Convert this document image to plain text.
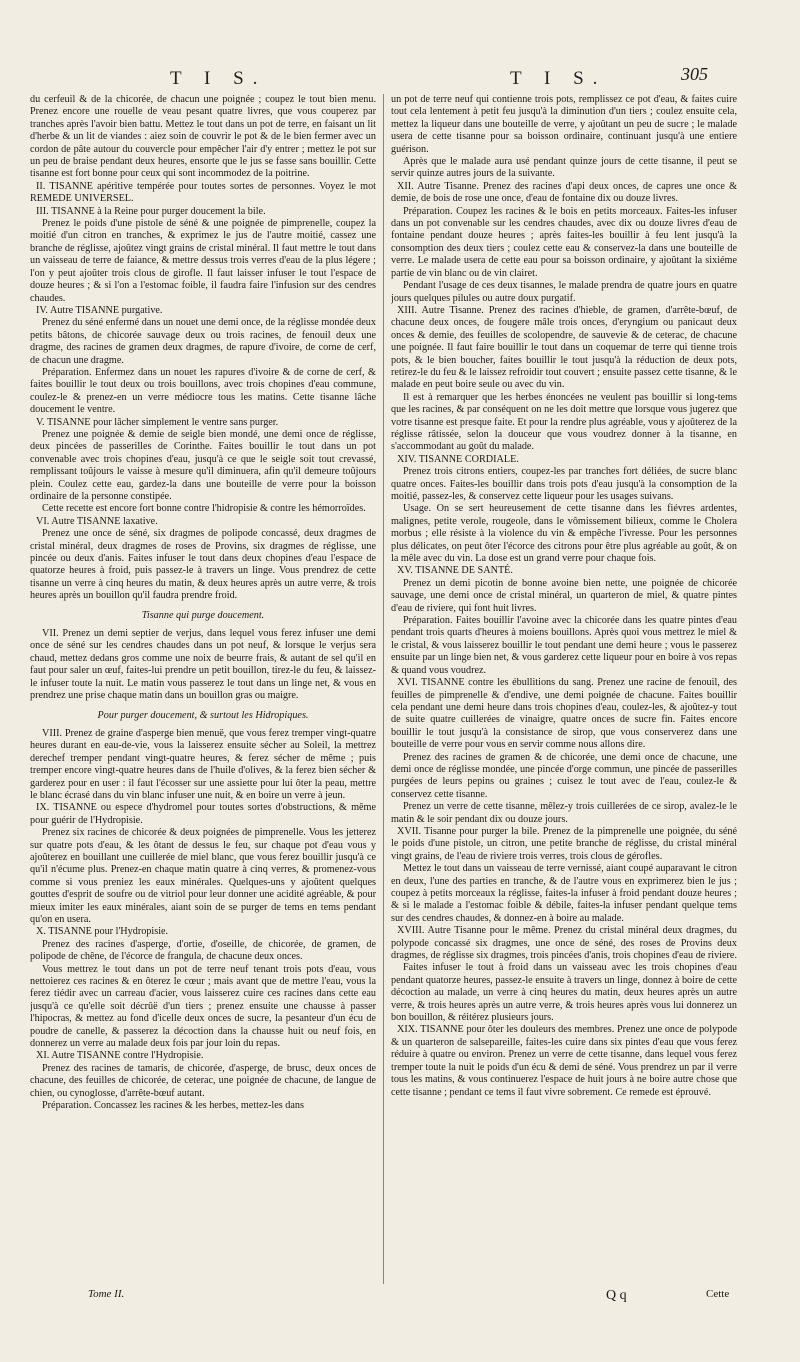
T I S.	T I S.	305

du cerfeuil & de la chicorée, de chacun une poignée ; coupez le tout bien menu. Prenez encore une rouelle de veau pesant quatre livres, que vous couperez par tranches après l'avoir bien battu. Mettez le tout dans un pot de terre, en faisant un lit d'herbe & un lit de viandes : aiez soin de couvrir le pot & de le bien fermer avec un cordon de pâte autour du couvercle pour empêcher l'air d'y entrer ; mettez le pot sur un peu de braise pendant deux heures, ensorte que le jus se fasse sans bouillir. Cette tisanne est fort bonne pour ceux qui sont incommodez de la poitrine.

II. TISANNE apéritive tempérée pour toutes sortes de personnes. Voyez le mot REMEDE UNIVERSEL.

III. TISANNE à la Reine pour purger doucement la bile.

Prenez le poids d'une pistole de séné & une poignée de pimprenelle, coupez la moitié d'un citron en tranches, & exprimez le jus de l'autre moitié, cassez une branche de réglisse, ajoûtez vingt grains de cristal minéral. Il faut mettre le tout dans un vaisseau de terre de faiance, & mettre dessus trois verres d'eau de la plus légere ; l'on y peut ajoûter trois clous de girofle. Il faut laisser infuser le tout l'espace de douze heures ; & si l'on a l'estomac foible, il faudra faire l'infusion sur des cendres chaudes.

IV. Autre TISANNE purgative.

Prenez du séné enfermé dans un nouet une demi once, de la réglisse mondée deux petits bâtons, de chicorée sauvage deux ou trois racines, de fenouil deux une dragme, des racines de gramen deux dragmes, de rapure d'ivoire, de corne de cerf, de chacun une dragme.

Préparation. Enfermez dans un nouet les rapures d'ivoire & de corne de cerf, & faites bouillir le tout deux ou trois bouillons, avec trois chopines d'eau commune, coulez-le & prenez-en un verre médiocre tous les matins. Cette tisanne lâche doucement le ventre.

V. TISANNE pour lâcher simplement le ventre sans purger.

Prenez une poignée & demie de seigle bien mondé, une demi once de réglisse, deux pincées de passerilles de Corinthe. Faites bouillir le tout dans un pot convenable avec trois chopines d'eau, jusqu'à ce que le seigle soit tout crevassé, remplissant toûjours le vaisse à mesure qu'il diminuera, afin qu'il demeure toûjours plein. Coulez cette eau, gardez-la dans une bouteille de verre pour la boisson ordinaire de la personne constipée.

Cette recette est encore fort bonne contre l'hidropisie & contre les hémorroïdes.

VI. Autre TISANNE laxative.

Prenez une once de séné, six dragmes de polipode concassé, deux dragmes de cristal minéral, deux dragmes de roses de Provins, six dragmes de réglisse, une pincée ou deux d'anis. Faites infuser le tout dans deux chopines d'eau l'espace de quatorze heures à froid, puis passez-le à travers un linge. Vous prendrez de cette tisanne un verre à cinq heures du matin, & deux heures après un autre verre, & trois heures après un bouillon qu'il faudra prendre froid.

Tisanne qui purge doucement.

VII. Prenez un demi septier de verjus, dans lequel vous ferez infuser une demi once de séné sur les cendres chaudes dans un pot neuf, & lorsque le verjus sera chaud, mettez dedans gros comme une noix de beurre frais, & autant de sel qu'il en faut pour saler un œuf, faites-lui prendre un petit bouillon, tirez-le du feu, & laissez-le infuser toute la nuit. Le matin vous passerez le tout dans un linge net, & vous en prendrez une prise chaque matin dans un bouillon gras ou maigre.

Pour purger doucement, & surtout les Hidropiques.

VIII. Prenez de graine d'asperge bien menuë, que vous ferez tremper vingt-quatre heures durant en eau-de-vie, vous la laisserez ensuite sécher au Soleil, la mettrez derechef tremper pendant vingt-quatre heures, & ferez sécher de même ; puis tremper encore vingt-quatre heures dans de l'huile d'olives, & la ferez bien sécher & garderez pour en user : il faut l'écosser sur une assiette pour lui ôter la peau, mettre le blanc écrasé dans du vin blanc infuser une nuit, & en boire un verre à jeun.

IX. TISANNE ou espece d'hydromel pour toutes sortes d'obstructions, & même pour guérir de l'Hydropisie.

Prenez six racines de chicorée & deux poignées de pimprenelle. Vous les jetterez sur quatre pots d'eau, & les ôtant de dessus le feu, sur chaque pot d'eau vous y ajoûterez en bouillant une cuillerée de miel blanc, que vous ferez bouillir jusqu'à ce qu'il n'écume plus. Prenez-en chaque matin quatre à cinq verres, & promenez-vous comme si vous preniez les eaux minérales. Quelques-uns y ajoûtent quelques gouttes d'esprit de soufre ou de vitriol pour leur donner une acidité agréable, & pour mieux imiter les eaux minérales, aiant soin de se purger de tems en tems pendant qu'on en usera.

X. TISANNE pour l'Hydropisie.

Prenez des racines d'asperge, d'ortie, d'oseille, de chicorée, de gramen, de polipode de chêne, de l'écorce de frangula, de chacune deux onces.

Vous mettrez le tout dans un pot de terre neuf tenant trois pots d'eau, vous nettoierez ces racines & en ôterez le cœur ; mais avant que de mettre l'eau, vous la ferez tiédir avec un carreau d'acier, vous laisserez cuire ces racines dans cette eau jusqu'à ce qu'elle soit décrûë d'un tiers ; prenez ensuite une chausse à passer l'hipocras, & mettez au fond d'icelle deux onces de sucre, la pesanteur d'un écu de poudre de canelle, & passerez la décoction dans la chausse huit ou neuf fois, en donnerez un verre au malade deux fois par jour loin du repas.

XI. Autre TISANNE contre l'Hydropisie.

Prenez des racines de tamaris, de chicorée, d'asperge, de brusc, deux onces de chacune, des feuilles de chicorée, de ceterac, une poignée de chacune, de langue de chien, ou cynoglosse, d'arrête-bœuf autant.

Préparation. Concassez les racines & les herbes, mettez-les dans

un pot de terre neuf qui contienne trois pots, remplissez ce pot d'eau, & faites cuire tout cela lentement à petit feu jusqu'à la diminution d'un tiers ; coulez ensuite cela, mettez la liqueur dans une bouteille de verre, y ajoûtant un peu de sucre ; le malade usera de cette tisanne pour sa boisson ordinaire, continuant jusqu'à une entiere guérison.

Après que le malade aura usé pendant quinze jours de cette tisanne, il peut se servir quinze autres jours de la suivante.

XII. Autre Tisanne. Prenez des racines d'api deux onces, de capres une once & demie, de bois de rose une once, d'eau de fontaine dix ou douze livres.

Préparation. Coupez les racines & le bois en petits morceaux. Faites-les infuser dans un pot convenable sur les cendres chaudes, avec dix ou douze livres d'eau de fontaine pendant douze heures ; après faites-les bouillir à feu lent jusqu'à la consomption des deux tiers ; coulez cette eau & conservez-la dans une bouteille de verre. Le malade usera de cette eau pour sa boisson ordinaire, y ajoûtant la sixiéme partie de vin blanc ou de vin clairet.

Pendant l'usage de ces deux tisannes, le malade prendra de quatre jours en quatre jours quelques pilules ou autre doux purgatif.

XIII. Autre Tisanne. Prenez des racines d'hieble, de gramen, d'arrête-bœuf, de chacune deux onces, de fougere mâle trois onces, d'eryngium ou panicaut deux onces & demie, des feuilles de scolopendre, de sauvevie & de ceterac, de chacune une poignée. Il faut faire bouillir le tout dans un coquemar de terre qui tienne trois pots, & le bien boucher, faites bouillir le tout jusqu'à la réduction de deux pots, retirez-le du feu & le laissez refroidir tout couvert ; ensuite passez cette tisanne, & le malade en peut boire seule ou avec du vin.

Il est à remarquer que les herbes énoncées ne veulent pas bouillir si long-tems que les racines, & par conséquent on ne les doit mettre que lorsque vous jugerez que votre tisanne est presque faite. Et pour la rendre plus agréable, vous y ajoûterez de la réglisse râtissée, selon la douceur que vous voudrez donner à la tisanne, en s'accommodant au goût du malade.

XIV. TISANNE CORDIALE.

Prenez trois citrons entiers, coupez-les par tranches fort déliées, de sucre blanc quatre onces. Faites-les bouillir dans trois pots d'eau jusqu'à la consomption de la moitié, passez-les, & conservez cette liqueur pour les usages suivans.

Usage. On se sert heureusement de cette tisanne dans les fiévres ardentes, malignes, petite verole, rougeole, dans le vômissement bilieux, comme le Cholera morbus ; elle résiste à la violence du vin & empêche l'ivresse. Pour les personnes plus délicates, on peut ôter l'écorce des citrons pour être plus agréable au goût, & on la mêle avec du vin. La dose est un grand verre pour chaque fois.

XV. TISANNE DE SANTÉ.

Prenez un demi picotin de bonne avoine bien nette, une poignée de chicorée sauvage, une demi once de cristal minéral, un quarteron de miel, & quatre pintes d'eau de riviere, qui font huit livres.

Préparation. Faites bouillir l'avoine avec la chicorée dans les quatre pintes d'eau pendant trois quarts d'heures à moiens bouillons. Après quoi vous mettrez le miel & le cristal, & vous laisserez bouillir le tout pendant une demi heure ; vous le passerez ensuite par un linge bien net, & vous garderez cette liqueur pour en boire à vos repas & quand vous voudrez.

XVI. TISANNE contre les ébullitions du sang. Prenez une racine de fenouil, des feuilles de pimprenelle & d'endive, une demi poignée de chacune. Faites bouillir cela pendant une demi heure dans trois chopines d'eau, coulez-les, & ajoûtez-y tout de suite quatre cuillerées de vinaigre, quatre onces de sucre fin. Faites encore bouillir le tout jusqu'à la consistance de sirop, que vous conserverez dans une bouteille de verre pour vous en servir comme nous allons dire.

Prenez des racines de gramen & de chicorée, une demi once de chacune, une demi once de réglisse mondée, une pincée d'orge commun, une pincée de passerilles purgées de leurs pepins ou graines ; cuisez le tout avec de l'eau, coulez-le & conservez cette tisanne.

Prenez un verre de cette tisanne, mêlez-y trois cuillerées de ce sirop, avalez-le le matin & le soir pendant dix ou douze jours.

XVII. Tisanne pour purger la bile. Prenez de la pimprenelle une poignée, du séné le poids d'une pistole, un citron, une petite branche de réglisse, du cristal minéral vingt grains, de l'eau de riviere trois verres, trois clous de gérofles.

Mettez le tout dans un vaisseau de terre vernissé, aiant coupé auparavant le citron en deux, l'une des parties en tranche, & de l'autre vous en exprimerez bien le jus ; coupez à petits morceaux la réglisse, faites-la infuser à froid pendant douze heures ; & si le malade a l'estomac foible & débile, faites-la infuser pendant quelque tems sur des cendres chaudes, & donnez-en à boire au malade.

XVIII. Autre Tisanne pour le même. Prenez du cristal minéral deux dragmes, du polypode concassé six dragmes, une once de séné, des roses de Provins deux dragmes, de réglisse six dragmes, trois pincées d'anis, trois chopines d'eau de riviere.

Faites infuser le tout à froid dans un vaisseau avec les trois chopines d'eau pendant quatorze heures, passez-le ensuite à travers un linge, donnez à boire de cette décoction au malade, un verre à cinq heures du matin, deux heures après un autre verre, & trois heures après un autre verre, & trois heures après vous lui donnerez un bon bouillon, & réitérez plusieurs jours.

XIX. TISANNE pour ôter les douleurs des membres. Prenez une once de polypode & un quarteron de salsepareille, faites-les cuire dans six pintes d'eau que vous ferez réduire à quatre ou environ. Prenez un verre de cette tisanne, dans lequel vous ferez tremper toute la nuit le poids d'un écu & demi de séné. Vous prendrez un par il verre tous les matins, & vous continuerez l'espace de huit jours à ne boire autre chose que cette tisanne ; pendant ce tems il faut vivre sobrement. Ce remede est éprouvé.

Tome II.	Q q	Cette
